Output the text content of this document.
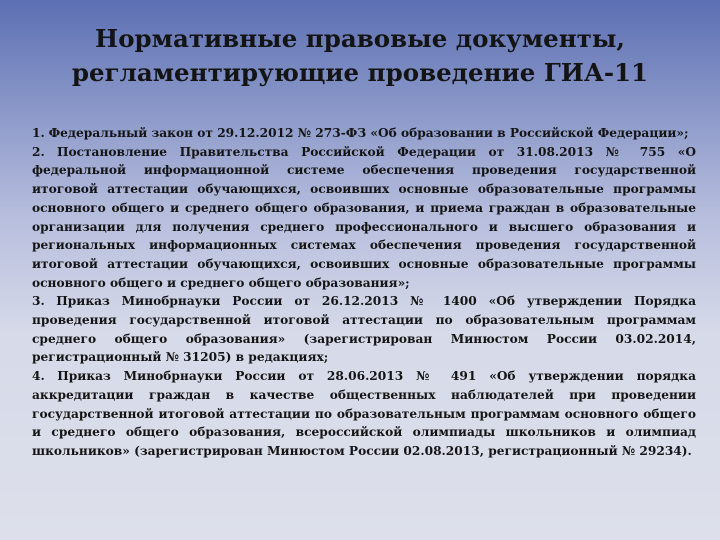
Нормативные правовые документы,
регламентирующие проведение ГИА-11

1. Федеральный закон от 29.12.2012 № 273-ФЗ «Об образовании в Российской Федерации»;

2. Постановление Правительства Российской Федерации от 31.08.2013 № 755 «О федеральной информационной системе обеспечения проведения государственной итоговой аттестации обучающихся, освоивших основные образовательные программы основного общего и среднего общего образования, и приема граждан в образовательные организации для получения среднего профессионального и высшего образования и региональных информационных системах обеспечения проведения государственной итоговой аттестации обучающихся, освоивших основные образовательные программы основного общего и среднего общего образования»;

3. Приказ Минобрнауки России от 26.12.2013 № 1400 «Об утверждении Порядка проведения государственной итоговой аттестации по образовательным программам среднего общего образования» (зарегистрирован Минюстом России 03.02.2014, регистрационный № 31205) в редакциях;

4. Приказ Минобрнауки России от 28.06.2013 № 491 «Об утверждении порядка аккредитации граждан в качестве общественных наблюдателей при проведении государственной итоговой аттестации по образовательным программам основного общего и среднего общего образования, всероссийской олимпиады школьников и олимпиад школьников» (зарегистрирован Минюстом России 02.08.2013, регистрационный № 29234).
